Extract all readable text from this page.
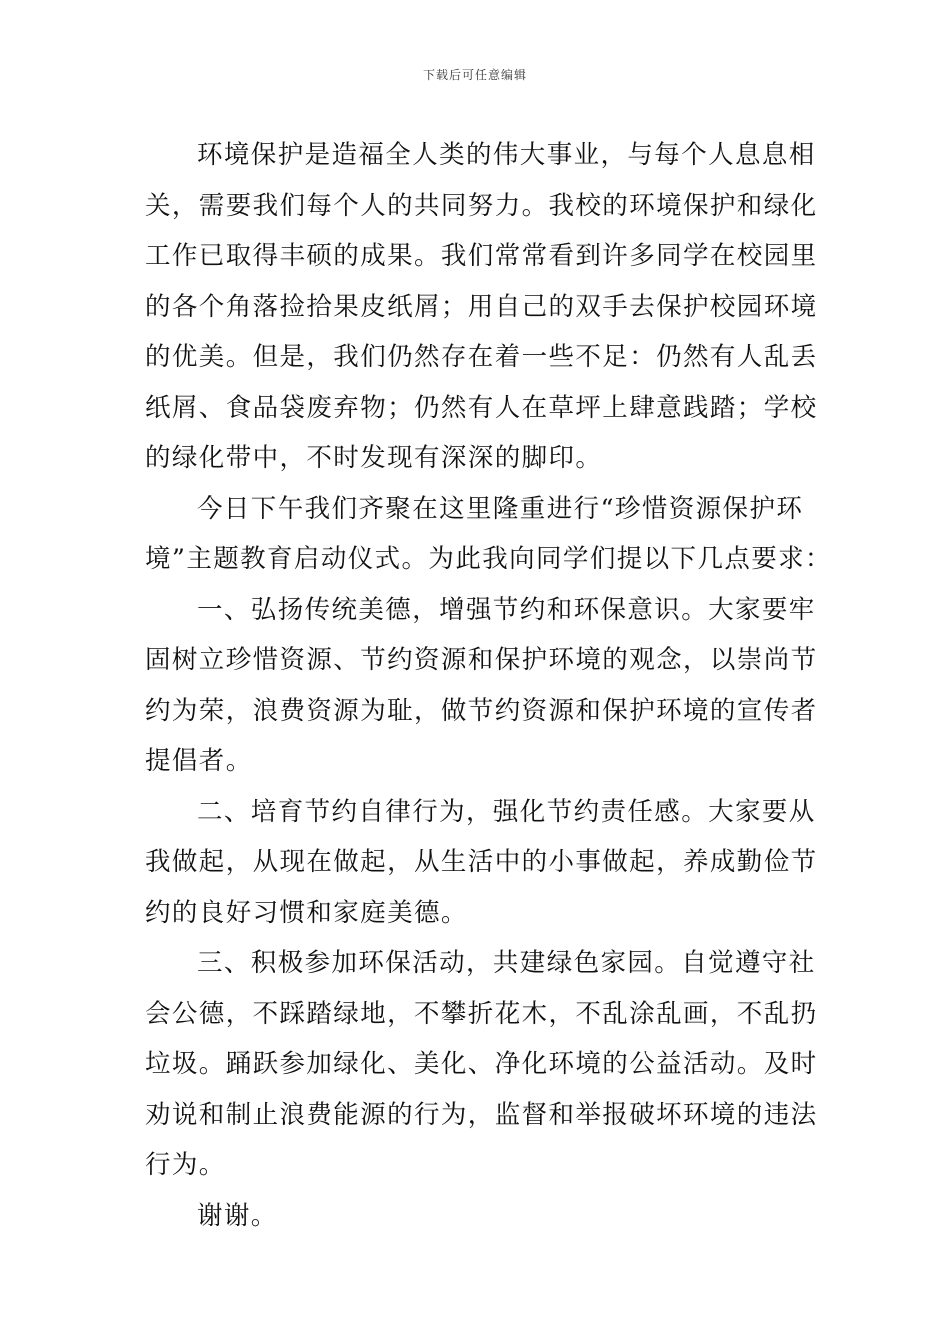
下载后可任意编辑
环境保护是造福全人类的伟大事业，与每个人息息相
关，需要我们每个人的共同努力。我校的环境保护和绿化
工作已取得丰硕的成果。我们常常看到许多同学在校园里
的各个角落捡拾果皮纸屑；用自己的双手去保护校园环境
的优美。但是，我们仍然存在着一些不足：仍然有人乱丢
纸屑、食品袋废弃物；仍然有人在草坪上肆意践踏；学校
的绿化带中，不时发现有深深的脚印。
今日下午我们齐聚在这里隆重进行“珍惜资源保护环
境”主题教育启动仪式。为此我向同学们提以下几点要求：
一、弘扬传统美德，增强节约和环保意识。大家要牢
固树立珍惜资源、节约资源和保护环境的观念，以崇尚节
约为荣，浪费资源为耻，做节约资源和保护环境的宣传者
提倡者。
二、培育节约自律行为，强化节约责任感。大家要从
我做起，从现在做起，从生活中的小事做起，养成勤俭节
约的良好习惯和家庭美德。
三、积极参加环保活动，共建绿色家园。自觉遵守社
会公德，不踩踏绿地，不攀折花木，不乱涂乱画，不乱扔
垃圾。踊跃参加绿化、美化、净化环境的公益活动。及时
劝说和制止浪费能源的行为，监督和举报破坏环境的违法
行为。
谢谢。
